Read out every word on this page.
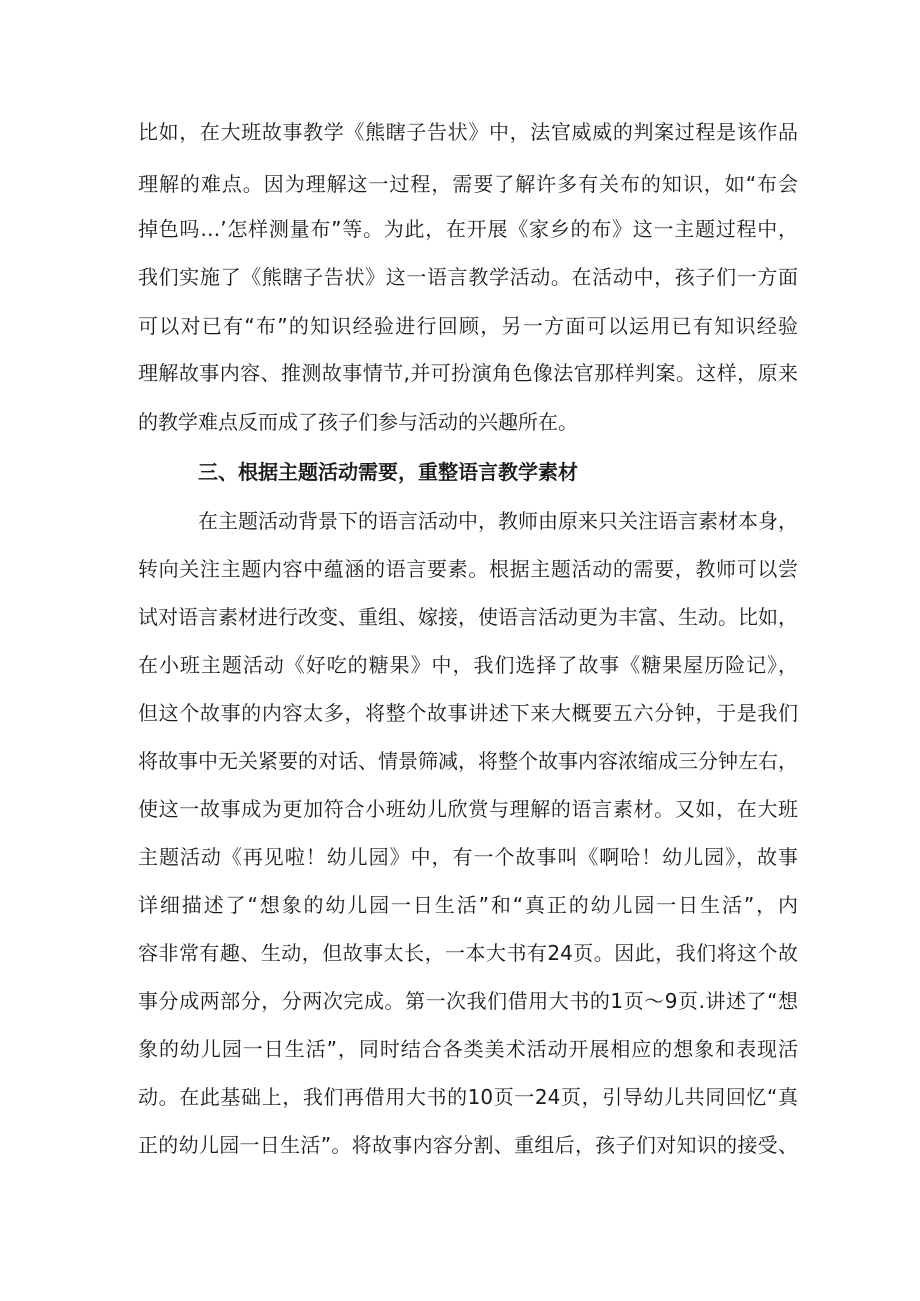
比如，在大班故事教学《熊瞎子告状》中，法官威威的判案过程是该作品
理解的难点。因为理解这一过程，需要了解许多有关布的知识，如“布会
掉色吗…’怎样测量布”等。为此，在开展《家乡的布》这一主题过程中，
我们实施了《熊瞎子告状》这一语言教学活动。在活动中，孩子们一方面
可以对已有“布”的知识经验进行回顾，另一方面可以运用已有知识经验
理解故事内容、推测故事情节,并可扮演角色像法官那样判案。这样，原来
的教学难点反而成了孩子们参与活动的兴趣所在。
三、根据主题活动需要，重整语言教学素材
在主题活动背景下的语言活动中，教师由原来只关注语言素材本身，
转向关注主题内容中蕴涵的语言要素。根据主题活动的需要，教师可以尝
试对语言素材进行改变、重组、嫁接，使语言活动更为丰富、生动。比如，
在小班主题活动《好吃的糖果》中，我们选择了故事《糖果屋历险记》，
但这个故事的内容太多，将整个故事讲述下来大概要五六分钟，于是我们
将故事中无关紧要的对话、情景筛减，将整个故事内容浓缩成三分钟左右，
使这一故事成为更加符合小班幼儿欣赏与理解的语言素材。又如，在大班
主题活动《再见啦！幼儿园》中，有一个故事叫《啊哈！幼儿园》，故事
详细描述了“想象的幼儿园一日生活”和“真正的幼儿园一日生活”，内
容非常有趣、生动，但故事太长，一本大书有24页。因此，我们将这个故
事分成两部分，分两次完成。第一次我们借用大书的1页〜9页.讲述了“想
象的幼儿园一日生活”，同时结合各类美术活动开展相应的想象和表现活
动。在此基础上，我们再借用大书的10页一24页，引导幼儿共同回忆“真
正的幼儿园一日生活”。将故事内容分割、重组后，孩子们对知识的接受、
